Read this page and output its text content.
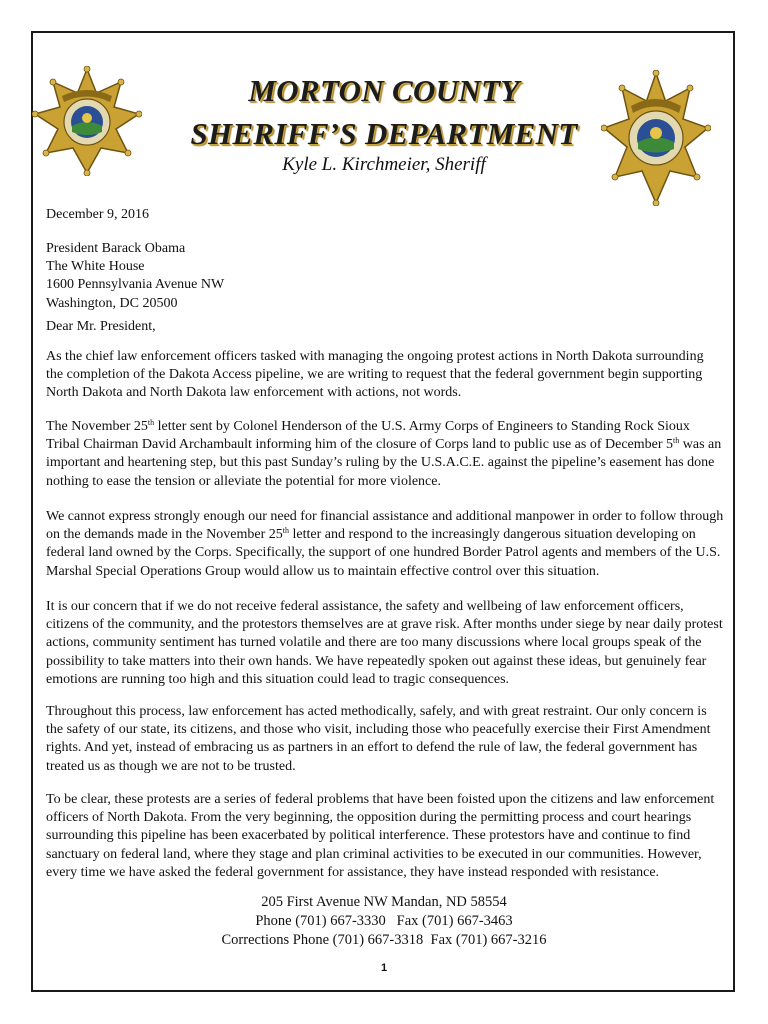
MORTON COUNTY
SHERIFF’S DEPARTMENT
Kyle L. Kirchmeier, Sheriff
December 9, 2016
President Barack Obama
The White House
1600 Pennsylvania Avenue NW
Washington, DC 20500
Dear Mr. President,

As the chief law enforcement officers tasked with managing the ongoing protest actions in North Dakota surrounding the completion of the Dakota Access pipeline, we are writing to request that the federal government begin supporting North Dakota and North Dakota law enforcement with actions, not words.

The November 25th letter sent by Colonel Henderson of the U.S. Army Corps of Engineers to Standing Rock Sioux Tribal Chairman David Archambault informing him of the closure of Corps land to public use as of December 5th was an important and heartening step, but this past Sunday’s ruling by the U.S.A.C.E. against the pipeline’s easement has done nothing to ease the tension or alleviate the potential for more violence.

We cannot express strongly enough our need for financial assistance and additional manpower in order to follow through on the demands made in the November 25th letter and respond to the increasingly dangerous situation developing on federal land owned by the Corps. Specifically, the support of one hundred Border Patrol agents and members of the U.S. Marshal Special Operations Group would allow us to maintain effective control over this situation.

It is our concern that if we do not receive federal assistance, the safety and wellbeing of law enforcement officers, citizens of the community, and the protestors themselves are at grave risk. After months under siege by near daily protest actions, community sentiment has turned volatile and there are too many discussions where local groups speak of the possibility to take matters into their own hands. We have repeatedly spoken out against these ideas, but genuinely fear emotions are running too high and this situation could lead to tragic consequences.

Throughout this process, law enforcement has acted methodically, safely, and with great restraint. Our only concern is the safety of our state, its citizens, and those who visit, including those who peacefully exercise their First Amendment rights. And yet, instead of embracing us as partners in an effort to defend the rule of law, the federal government has treated us as though we are not to be trusted.

To be clear, these protests are a series of federal problems that have been foisted upon the citizens and law enforcement officers of North Dakota. From the very beginning, the opposition during the permitting process and court hearings surrounding this pipeline has been exacerbated by political interference. These protestors have and continue to find sanctuary on federal land, where they stage and plan criminal activities to be executed in our communities. However, every time we have asked the federal government for assistance, they have instead responded with resistance.

205 First Avenue NW Mandan, ND 58554
Phone (701) 667-3330   Fax (701) 667-3463
Corrections Phone (701) 667-3318  Fax (701) 667-3216
1
